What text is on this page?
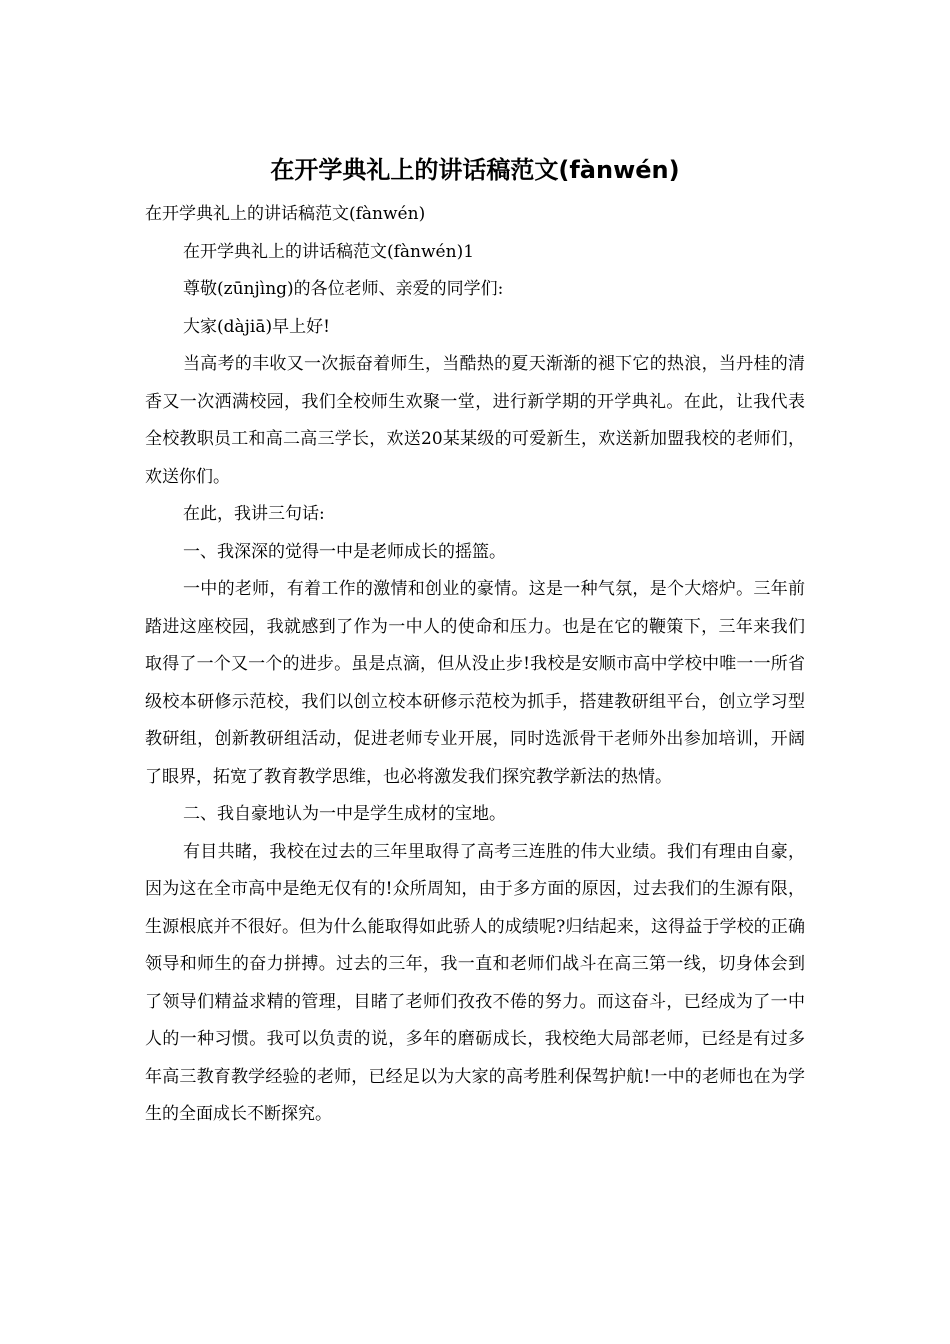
在开学典礼上的讲话稿范文(fànwén)

在开学典礼上的讲话稿范文(fànwén)

在开学典礼上的讲话稿范文(fànwén)1

尊敬(zūnjìng)的各位老师、亲爱的同学们:

大家(dàjiā)早上好!

当高考的丰收又一次振奋着师生，当酷热的夏天渐渐的褪下它的热浪，当丹桂的清香又一次洒满校园，我们全校师生欢聚一堂，进行新学期的开学典礼。在此，让我代表全校教职员工和高二高三学长，欢送20某某级的可爱新生，欢送新加盟我校的老师们，欢送你们。

在此，我讲三句话:

一、我深深的觉得一中是老师成长的摇篮。

一中的老师，有着工作的激情和创业的豪情。这是一种气氛，是个大熔炉。三年前踏进这座校园，我就感到了作为一中人的使命和压力。也是在它的鞭策下，三年来我们取得了一个又一个的进步。虽是点滴，但从没止步!我校是安顺市高中学校中唯一一所省级校本研修示范校，我们以创立校本研修示范校为抓手，搭建教研组平台，创立学习型教研组，创新教研组活动，促进老师专业开展，同时选派骨干老师外出参加培训，开阔了眼界，拓宽了教育教学思维，也必将激发我们探究教学新法的热情。

二、我自豪地认为一中是学生成材的宝地。

有目共睹，我校在过去的三年里取得了高考三连胜的伟大业绩。我们有理由自豪，因为这在全市高中是绝无仅有的!众所周知，由于多方面的原因，过去我们的生源有限，生源根底并不很好。但为什么能取得如此骄人的成绩呢?归结起来，这得益于学校的正确领导和师生的奋力拼搏。过去的三年，我一直和老师们战斗在高三第一线，切身体会到了领导们精益求精的管理，目睹了老师们孜孜不倦的努力。而这奋斗，已经成为了一中人的一种习惯。我可以负责的说，多年的磨砺成长，我校绝大局部老师，已经是有过多年高三教育教学经验的老师，已经足以为大家的高考胜利保驾护航!一中的老师也在为学生的全面成长不断探究。
